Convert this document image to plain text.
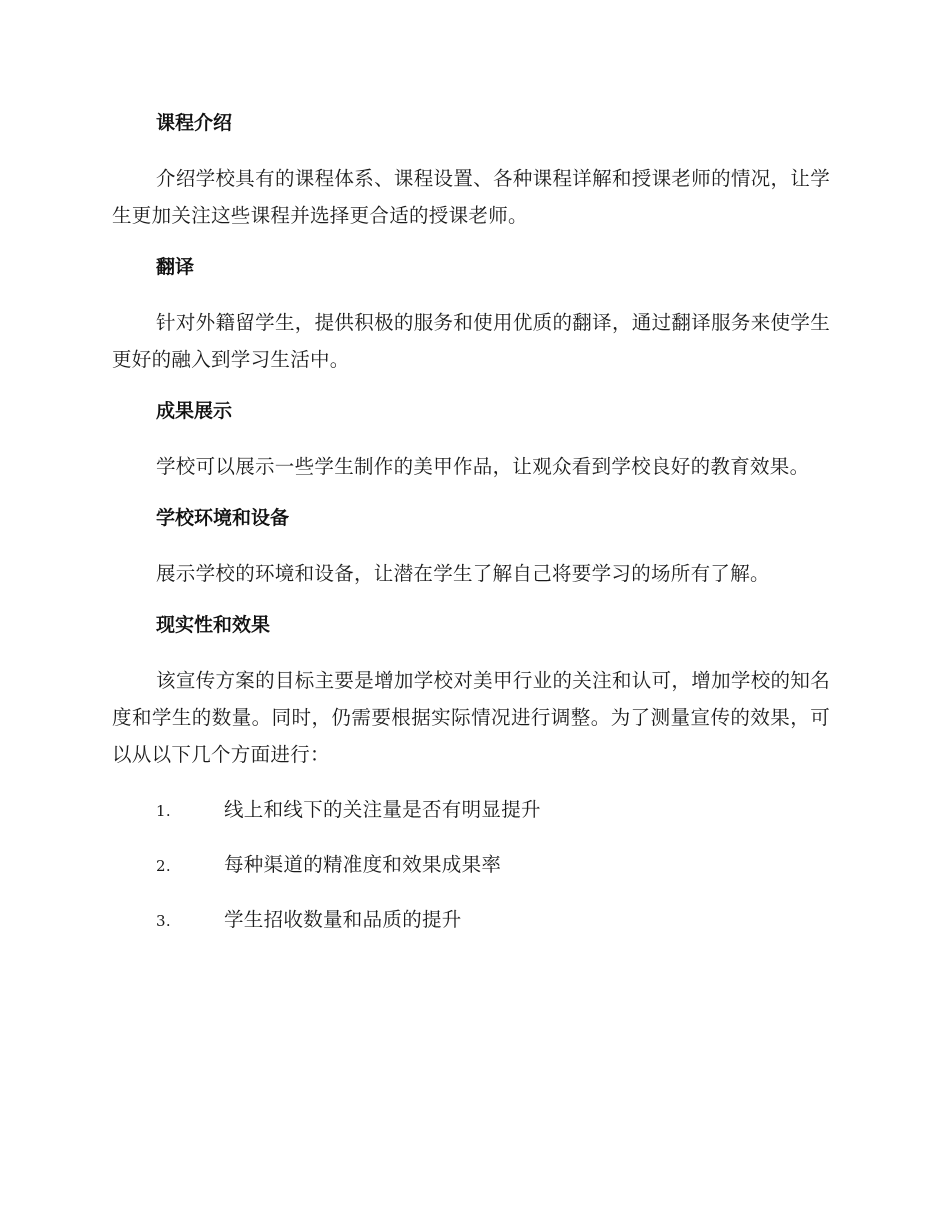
课程介绍

介绍学校具有的课程体系、课程设置、各种课程详解和授课老师的情况，让学生更加关注这些课程并选择更合适的授课老师。

翻译

针对外籍留学生，提供积极的服务和使用优质的翻译，通过翻译服务来使学生更好的融入到学习生活中。

成果展示

学校可以展示一些学生制作的美甲作品，让观众看到学校良好的教育效果。

学校环境和设备

展示学校的环境和设备，让潜在学生了解自己将要学习的场所有了解。

现实性和效果

该宣传方案的目标主要是增加学校对美甲行业的关注和认可，增加学校的知名度和学生的数量。同时，仍需要根据实际情况进行调整。为了测量宣传的效果，可以从以下几个方面进行：

1.	线上和线下的关注量是否有明显提升
2.	每种渠道的精准度和效果成果率
3.	学生招收数量和品质的提升
